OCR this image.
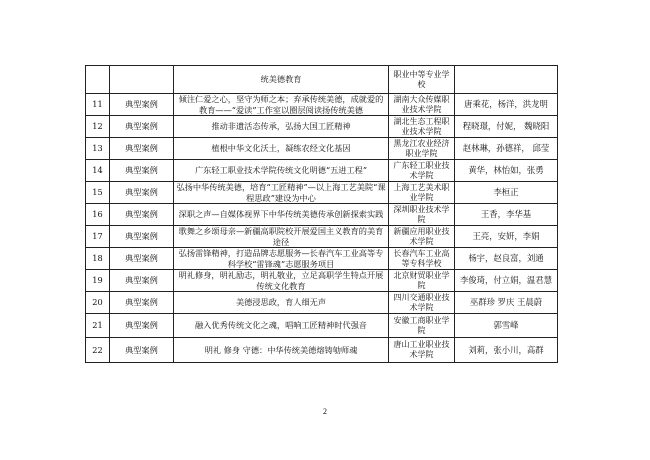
		统美德教育	职业中等专业学校	
11	典型案例	倾注仁爱之心，坚守为师之本；弃承传统美德，成就爱的教育——“爱读”工作室以圈层阅读扬传统美德	湖南大众传媒职业技术学院	唐乘花，杨洋，洪龙明
12	典型案例	推动非遗活态传承，弘扬大国工匠精神	湖北生态工程职业技术学院	程晓璟，付妮， 魏晓阳
13	典型案例	植根中华文化沃土，凝练农经文化基因	黑龙江农业经济职业学院	赵林琳，孙德祥， 邱莹
14	典型案例	广东轻工职业技术学院传统文化明德“五进工程”	广东轻工职业技术学院	黄华，林怡如，张勇
15	典型案例	弘扬中华传统美德，培育“工匠精神”—以上海工艺美院“课程思政”建设为中心	上海工艺美术职业学院	李桓正
16	典型案例	深职之声—自媒体视界下中华传统美德传承创新探索实践	深圳职业技术学院	王香，李华基
17	典型案例	歌舞之乡颂母亲—新疆高职院校开展爱国主义教育的美育途径	新疆应用职业技术学院	王亮，安妍，李娟
18	典型案例	弘扬雷锋精神，打造品牌志愿服务—长春汽车工业高等专科学校“雷锋魂”志愿服务项目	长春汽车工业高等专科学校	杨宇，赵良富，刘通
19	典型案例	明礼修身，明礼励志，明礼敬业，立足高职学生特点开展传统文化教育	北京财贸职业学院	李俊琦，付立娟，温君慧
20	典型案例	美德浸思政，育人细无声	四川交通职业技术学院	巫群珍 罗庆 王晨蔚
21	典型案例	融入优秀传统文化之魂，唱响工匠精神时代强音	安徽工商职业学院	郭雪峰
22	典型案例	明礼 修身 守德：中华传统美德熔铸劬师魂	唐山工业职业技术学院	刘莉，张小川，高群
2
